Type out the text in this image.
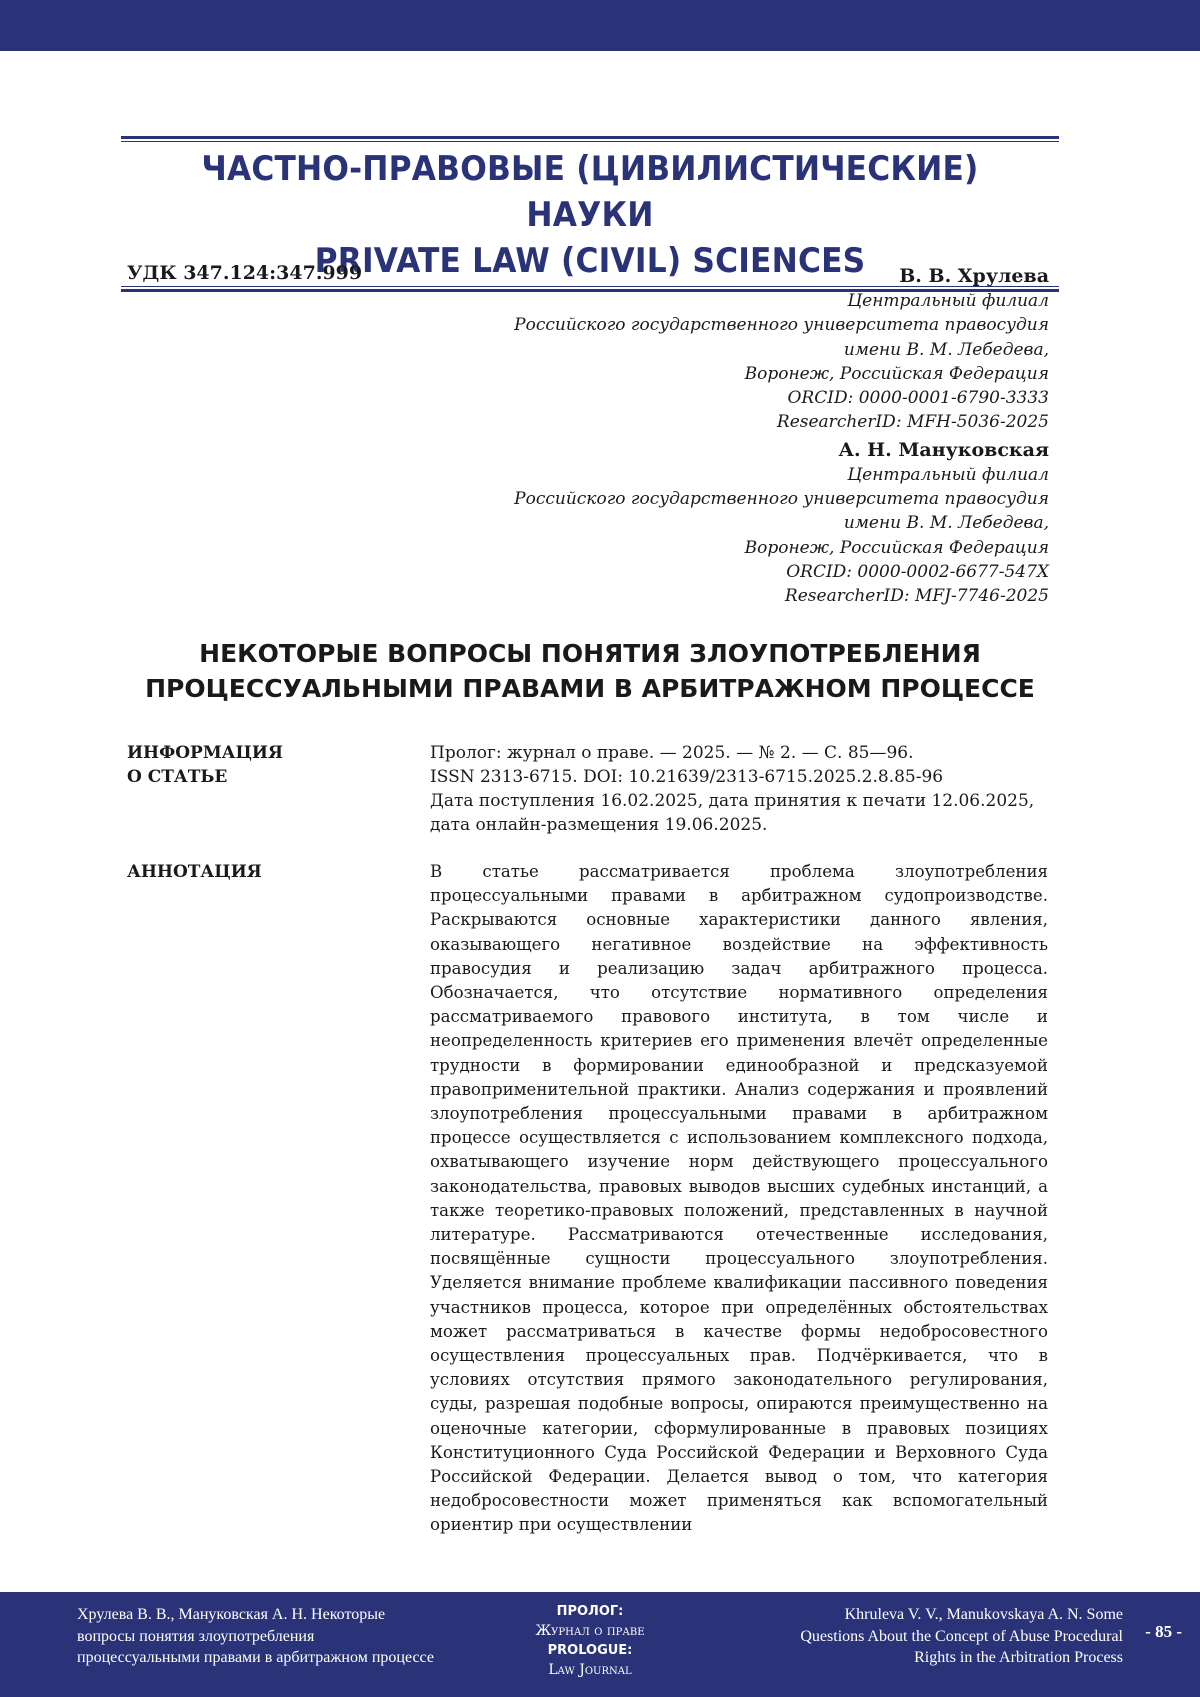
ЧАСТНО-ПРАВОВЫЕ (ЦИВИЛИСТИЧЕСКИЕ) НАУКИ
PRIVATE LAW (CIVIL) SCIENCES
УДК 347.124:347.999	В. В. Хрулева
Центральный филиал
Российского государственного университета правосудия
имени В. М. Лебедева,
Воронеж, Российская Федерация
ORCID: 0000-0001-6790-3333
ResearcherID: MFH-5036-2025
А. Н. Мануковская
Центральный филиал
Российского государственного университета правосудия
имени В. М. Лебедева,
Воронеж, Российская Федерация
ORCID: 0000-0002-6677-547X
ResearcherID: MFJ-7746-2025
НЕКОТОРЫЕ ВОПРОСЫ ПОНЯТИЯ ЗЛОУПОТРЕБЛЕНИЯ
ПРОЦЕССУАЛЬНЫМИ ПРАВАМИ В АРБИТРАЖНОМ ПРОЦЕССЕ
ИНФОРМАЦИЯ
О СТАТЬЕ
Пролог: журнал о праве. — 2025. — № 2. — С. 85—96.
ISSN 2313-6715. DOI: 10.21639/2313-6715.2025.2.8.85-96
Дата поступления 16.02.2025, дата принятия к печати 12.06.2025,
дата онлайн-размещения 19.06.2025.
АННОТАЦИЯ	В статье рассматривается проблема злоупотребления процессуальными правами в арбитражном судопроизводстве. Раскрываются основные характеристики данного явления, оказывающего негативное воздействие на эффективность правосудия и реализацию задач арбитражного процесса. Обозначается, что отсутствие нормативного определения рассматриваемого правового института, в том числе и неопределенность критериев его применения влечёт определенные трудности в формировании единообразной и предсказуемой правоприменительной практики. Анализ содержания и проявлений злоупотребления процессуальными правами в арбитражном процессе осуществляется с использованием комплексного подхода, охватывающего изучение норм действующего процессуального законодательства, правовых выводов высших судебных инстанций, а также теоретико-правовых положений, представленных в научной литературе. Рассматриваются отечественные исследования, посвящённые сущности процессуального злоупотребления. Уделяется внимание проблеме квалификации пассивного поведения участников процесса, которое при определённых обстоятельствах может рассматриваться в качестве формы недобросовестного осуществления процессуальных прав. Подчёркивается, что в условиях отсутствия прямого законодательного регулирования, суды, разрешая подобные вопросы, опираются преимущественно на оценочные категории, сформулированные в правовых позициях Конституционного Суда Российской Федерации и Верховного Суда Российской Федерации. Делается вывод о том, что категория недобросовестности может применяться как вспомогательный ориентир при осуществлении
Хрулева В. В., Мануковская А. Н. Некоторые
вопросы понятия злоупотребления
процессуальными правами в арбитражном процессе
ПРОЛОГ:
Журнал о праве
PROLOGUE:
Law Journal
Khruleva V. V., Manukovskaya A. N. Some
Questions About the Concept of Abuse Procedural
Rights in the Arbitration Process
- 85 -
